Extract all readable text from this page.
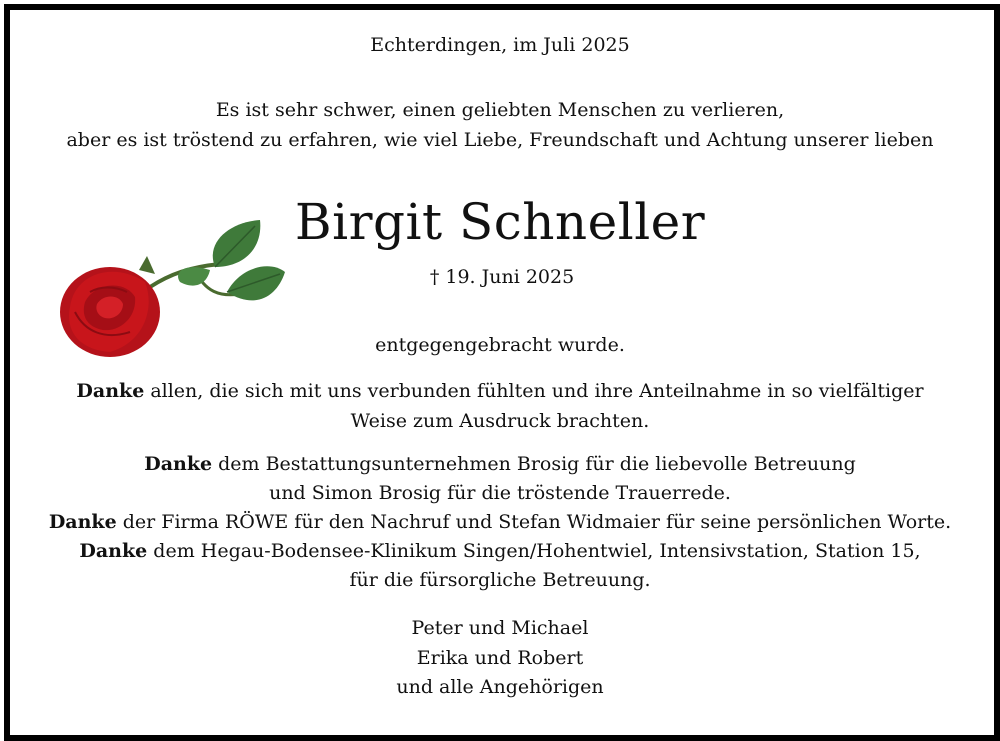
Echterdingen, im Juli 2025
Es ist sehr schwer, einen geliebten Menschen zu verlieren,
aber es ist tröstend zu erfahren, wie viel Liebe, Freundschaft und Achtung unserer lieben
Birgit Schneller
† 19. Juni 2025
entgegengebracht wurde.
Danke allen, die sich mit uns verbunden fühlten und ihre Anteilnahme in so vielfältiger
Weise zum Ausdruck brachten.
Danke dem Bestattungsunternehmen Brosig für die liebevolle Betreuung
und Simon Brosig für die tröstende Trauerrede.
Danke der Firma RÖWE für den Nachruf und Stefan Widmaier für seine persönlichen Worte.
Danke dem Hegau-Bodensee-Klinikum Singen/Hohentwiel, Intensivstation, Station 15,
für die fürsorgliche Betreuung.
Peter und Michael
Erika und Robert
und alle Angehörigen
